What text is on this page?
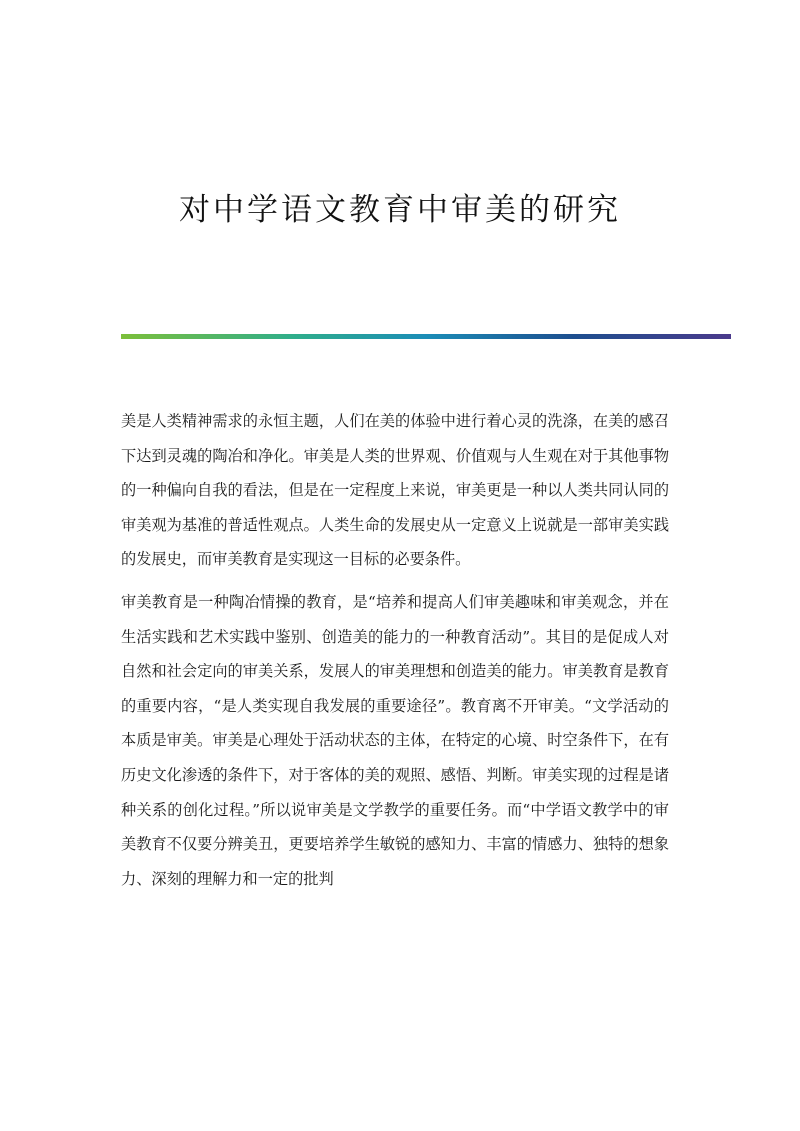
对中学语文教育中审美的研究

美是人类精神需求的永恒主题，人们在美的体验中进行着心灵的洗涤，在美的感召下达到灵魂的陶冶和净化。审美是人类的世界观、价值观与人生观在对于其他事物的一种偏向自我的看法，但是在一定程度上来说，审美更是一种以人类共同认同的审美观为基准的普适性观点。人类生命的发展史从一定意义上说就是一部审美实践的发展史，而审美教育是实现这一目标的必要条件。

审美教育是一种陶冶情操的教育，是“培养和提高人们审美趣味和审美观念，并在生活实践和艺术实践中鉴别、创造美的能力的一种教育活动”。其目的是促成人对自然和社会定向的审美关系，发展人的审美理想和创造美的能力。审美教育是教育的重要内容，“是人类实现自我发展的重要途径”。教育离不开审美。“文学活动的本质是审美。审美是心理处于活动状态的主体，在特定的心境、时空条件下，在有历史文化渗透的条件下，对于客体的美的观照、感悟、判断。审美实现的过程是诸种关系的创化过程。”所以说审美是文学教学的重要任务。而“中学语文教学中的审美教育不仅要分辨美丑，更要培养学生敏锐的感知力、丰富的情感力、独特的想象力、深刻的理解力和一定的批判
